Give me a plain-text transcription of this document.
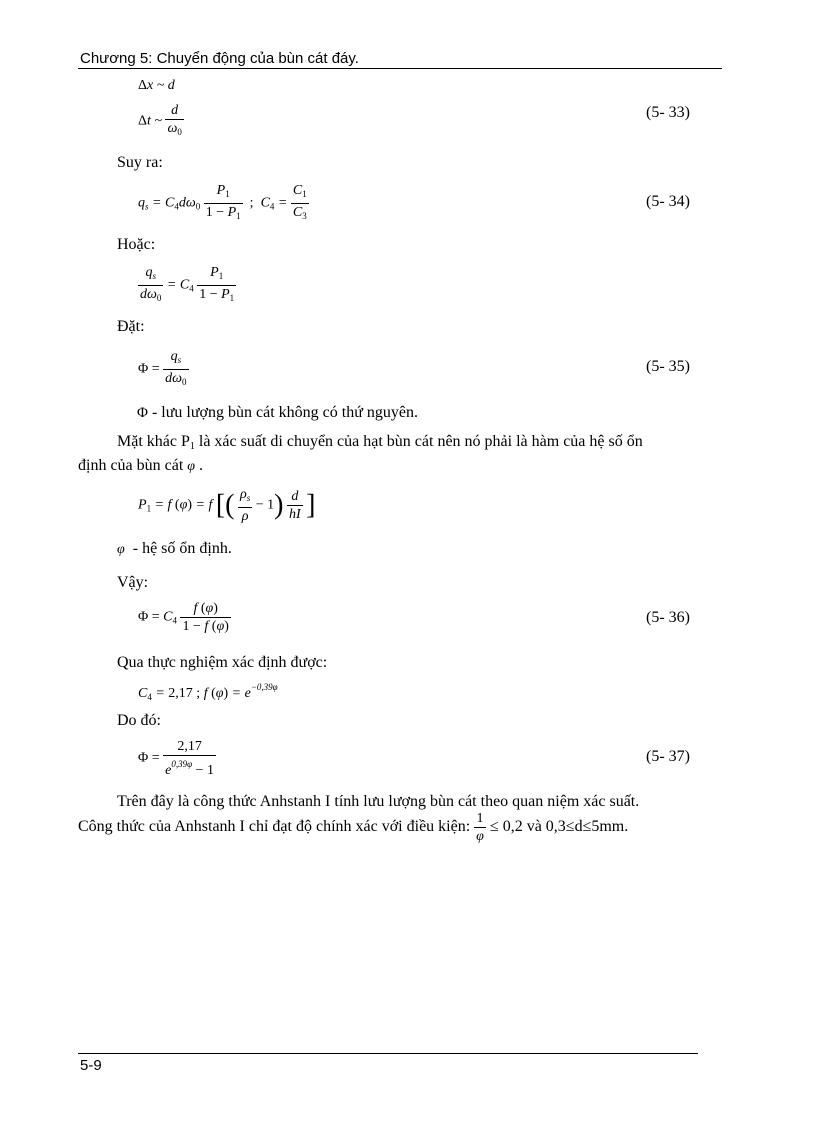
Chương 5: Chuyển động của bùn cát đáy.
Δx ~ d
Δt ~ $\frac{d}{\omega_0}$	(5- 33)
Suy ra:
$q_s = C_4d\omega_0 \frac{P_1}{1 - P_1}$ ;  $C_4 = \frac{C_1}{C_3}$	(5- 34)
Hoặc:
$\frac{q_s}{d\omega_0} = C_4 \frac{P_1}{1 - P_1}$
Đặt:
$\Phi = \frac{q_s}{d\omega_0}$	(5- 35)
Φ - lưu lượng bùn cát không có thứ nguyên.
Mặt khác P1 là xác suất di chuyển của hạt bùn cát nên nó phải là hàm của hệ số ổn
định của bùn cát φ .
$P_1 = f$ (φ) = f [( $\frac{\rho_s}{\rho} - 1) \frac{d}{hI}$ ]
φ - hệ số ổn định.
Vậy:
$\Phi = C_4 \frac{f (\varphi)}{1 - f (\varphi)}$	(5- 36)
Qua thực nghiệm xác định được:
$C_4 = 2,17$ ; f $(\varphi) = e^{-0,39\varphi}$
Do đó:
$\Phi = \frac{2,17}{e^{0,39\varphi} - 1}$	(5- 37)
Trên đây là công thức Anhstanh I tính lưu lượng bùn cát theo quan niệm xác suất.
Công thức của Anhstanh I chỉ đạt độ chính xác với điều kiện: $\frac{1}{\varphi} \le 0,2$ và 0,3≤d≤5mm.
5-9
